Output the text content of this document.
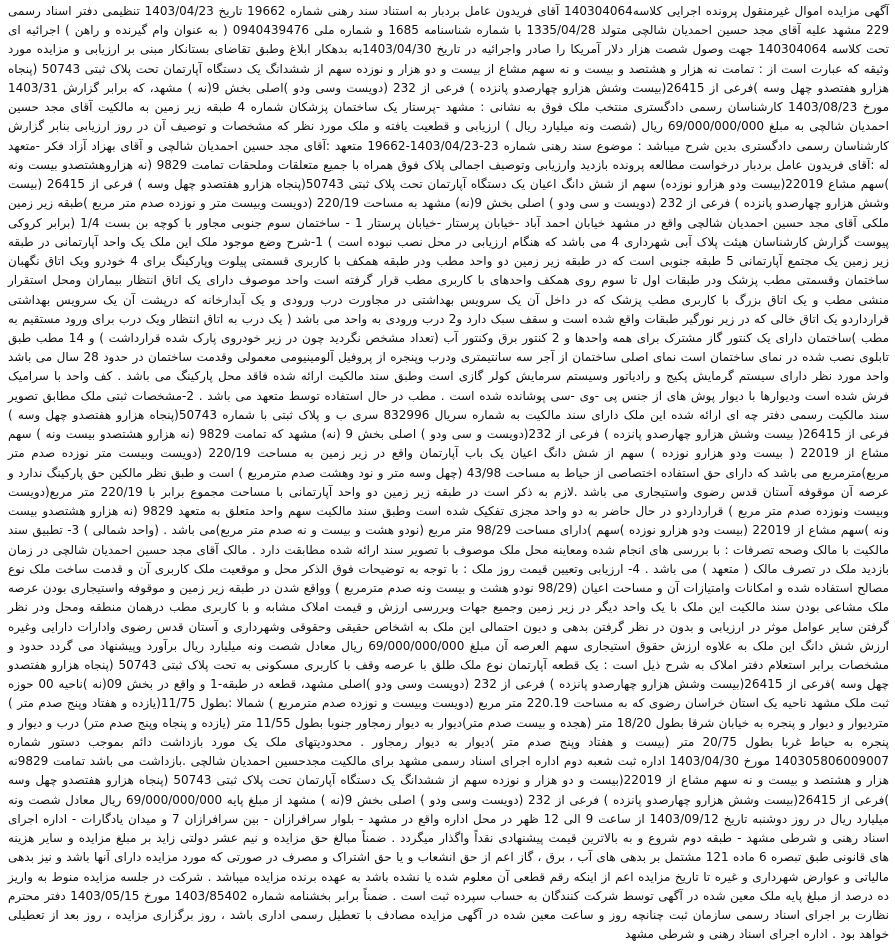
آگهی مزایده اموال غیرمنقول پرونده اجرایی کلاسه140304064 آقای فریدون عامل بردبار به استناد سند رهنی شماره 19662 تاریخ 1403/04/23 تنظیمی دفتر اسناد رسمی 229 مشهد علیه آقای مجد حسین احمدیان شالچی متولد 1335/04/28 با شماره شناسنامه 1685 و شماره ملی 0940439476 ( به عنوان وام گیرنده و راهن ) اجرائیه ای تحت کلاسه 140304064 جهت وصول شصت هزار دلار آمریکا را صادر واجرائیه در تاریخ 1403/04/30به بدهکار ابلاغ وطبق تقاضای بستانکار مبنی بر ارزیابی و مزایده مورد وثیقه که عبارت است از : تمامت نه هزار و هشتصد و بیست و نه سهم مشاع از بیست و دو هزار و نوزده سهم از ششدانگ یک دستگاه آپارتمان تحت پلاک ثبتی 50743 (پنجاه هزارو هفتصدو چهل وسه )فرعی از 26415(بیست وشش هزارو چهارصدو پانزده ) فرعی از 232 (دویست وسی ودو )اصلی بخش 9(نه ) مشهد، که برابر گزارش 1403/31 مورخ 1403/08/23 کارشناسان رسمی دادگستری منتخب ملک فوق به نشانی : مشهد -پرستار یک ساختمان پزشکان شماره 4 طبقه زیر زمین به مالکیت آقای مجد حسین احمدیان شالچی به مبلغ 69/000/000/000 ریال (شصت ونه میلیارد ریال ) ارزیابی و قطعیت یافته و ملک مورد نظر که مشخصات و توصیف آن در روز ارزیابی بنابر گزارش کارشناسان رسمی دادگستری بدین شرح میباشد : موضوع سند رهنی شماره 23-1403/04/23-19662 متعهد :آقای مجد حسین احمدیان شالچی و آقای بهزاد آزاد فکر -متعهد له :آقای فریدون عامل بردبار درخواست مطالعه پرونده بازدید وارزیابی وتوصیف اجمالی پلاک فوق همراه با جمیع متعلقات وملحقات تمامت 9829 (نه هزاروهشتصدو بیست ونه )سهم مشاع 22019(بیست ودو هزارو نوزده) سهم از شش دانگ اعیان یک دستگاه آپارتمان تحت پلاک ثبتی 50743(پنجاه هزارو هفتصدو چهل وسه ) فرعی از 26415 (بیست وشش هزارو چهارصدو پانزده ) فرعی از 232 (دویست و سی ودو ) اصلی بخش 9(نه) مشهد به مساحت 220/19 (دویست وبیست متر و نوزده صدم متر مربع )طبقه زیر زمین ملکی آقای مجد حسین احمدیان شالچی واقع در مشهد خیابان احمد آباد -خیابان پرستار -خیابان پرستار 1 - ساختمان سوم جنوبی مجاور با کوچه بن بست 1/4 (برابر کروکی پیوست گزارش کارشناسان هیئت پلاک آبی شهرداری 4 می باشد که هنگام ارزیابی در محل نصب نبوده است ) 1-شرح وضع موجود ملک این ملک یک واحد آپارتمانی در طبقه زیر زمین یک مجتمع آپارتمانی 5 طبقه جنوبی است که در طبقه زیر زمین دو واحد مطب ودر طبقه همکف با کاربری قسمتی پیلوت وپارکینگ برای 4 خودرو ویک اتاق نگهبان ساختمان وقسمتی مطب پزشک ودر طبقات اول تا سوم روی همکف واحدهای با کاربری مطب قرار گرفته است واحد موصوف دارای یک اتاق انتظار بیماران ومحل استقرار منشی مطب و یک اتاق بزرگ با کاربری مطب پزشک که در داخل آن یک سرویس بهداشتی در مجاورت درب ورودی و یک آبدارخانه که درپشت آن یک سرویس بهداشتی قرارداردو یک اتاق خالی که در زیر نورگیر طبقات واقع شده است و سقف سبک دارد و2 درب ورودی به واحد می باشد ( یک درب به اتاق انتظار ویک درب برای ورود مستقیم به مطب )ساختمان دارای یک کنتور گاز مشترک برای همه واحدها و 2 کنتور برق وکنتور آب (تعداد مشخص نگردید چون در زیر خودروی پارک شده قرارداشت ) و 14 مطب طبق تابلوی نصب شده در نمای ساختمان است نمای اصلی ساختمان از آجر سه سانتیمتری ودرب وپنجره از پروفیل آلومینیومی معمولی وقدمت ساختمان در حدود 28 سال می باشد واحد مورد نظر دارای سیستم گرمایش پکیج و رادیاتور وسیستم سرمایش کولر گازی است وطبق سند مالکیت ارائه شده فاقد محل پارکینگ می باشد . کف واحد با سرامیک فرش شده است ودیوارها با دیوار پوش های از جنس پی -وی -سی پوشانده شده است . مطب در حال استفاده توسط متعهد می باشد . 2-مشخصات ثبتی ملک مطابق تصویر سند مالکیت رسمی دفتر چه ای ارائه شده این ملک دارای سند مالکیت به شماره سریال 832996 سری ب و پلاک ثبتی با شماره 50743(پنجاه هزارو هفتصدو چهل وسه ) فرعی از 26415( بیست وشش هزارو چهارصدو پانزده ) فرعی از 232(دویست و سی ودو ) اصلی بخش 9 (نه) مشهد که تمامت 9829 (نه هزارو هشتصدو بیست ونه ) سهم مشاع از 22019 ( بیست ودو هزارو نوزده ) سهم از شش دانگ اعیان یک باب آپارتمان واقع در زیر زمین به مساحت 220/19 (دویست وبیست متر نوزده صدم متر مربع)مترمربع می باشد که دارای حق استفاده اختصاصی از حیاط به مساحت 43/98 (چهل وسه متر و نود وهشت صدم مترمربع ) است و طبق نظر مالکین حق پارکینگ ندارد و عرصه آن موقوفه آستان قدس رضوی واستیجاری می باشد .لازم به ذکر است در طبقه زیر زمین دو واحد آپارتمانی با مساحت مجموع برابر با 220/19 متر مربع(دویست وبیست ونوزده صدم متر مربع ) قرارداردو در حال حاضر به دو واحد مجزی تفکیک شده است وطبق سند مالکیت سهم واحد متعلق به متعهد 9829 (نه هزارو هشتصدو بیست ونه )سهم مشاع از 22019 (بیست ودو هزارو نوزده )سهم )دارای مساحت 98/29 متر مربع (نودو هشت و بیست و نه صدم متر مربع)می باشد . (واحد شمالی ) 3- تطبیق سند مالکیت با مالک وصحه تصرفات : با بررسی های انجام شده ومعاینه محل ملک موصوف با تصویر سند ارائه شده مطابقت دارد . مالک آقای مجد حسین احمدیان شالچی در زمان بازدید ملک در تصرف مالک ( متعهد ) می باشد . 4- ارزیابی وتعیین قیمت روز ملک : با توجه به توضیحات فوق الذکر محل و موقعیت ملک کاربری آن و قدمت ساخت ملک نوع مصالح استفاده شده و امکانات وامتیازات آن و مساحت اعیان (98/29 نودو هشت و بیست ونه صدم مترمربع ) وواقع شدن در طبقه زیر زمین و موقوفه واستیجاری بودن عرصه ملک مشاعی بودن سند مالکیت این ملک با یک واحد دیگر در زیر زمین وجمیع جهات وبررسی ارزش و قیمت املاک مشابه و با کاربری مطب درهمان منطقه ومحل ودر نظر گرفتن سایر عوامل موثر در ارزیابی و بدون در نظر گرفتن بدهی و دیون احتمالی این ملک به اشخاص حقیقی وحقوقی وشهرداری و آستان قدس رضوی وادارات دارایی وغیره ارزش شش دانگ این ملک به علاوه ارزش حقوق استیجاری سهم العرصه آن مبلغ 69/000/000/000 ریال معادل شصت ونه میلیارد ریال برآورد وپیشنهاد می گردد حدود و مشخصات برابر استعلام دفتر املاک به شرح ذیل است : یک قطعه آپارتمان نوع ملک طلق با عرصه وقف با کاربری مسکونی به تحت پلاک ثبتی 50743 (پنجاه هزارو هفتصدو چهل وسه )فرعی از 26415(بیست وشش هزارو چهارصدو پانزده ) فرعی از 232 (دویست وسی ودو )اصلی مشهد، قطعه در طبقه-1 و واقع در بخش 09(نه )ناحیه 00 حوزه ثبت ملک مشهد ناحیه یک استان خراسان رضوی که به مساحت 220.19 متر مربع (دویست وبیست و نوزده صدم مترمربع ) شمالا :بطول 11/75(یازده و هفتاد وپنج صدم متر ) متردیوار و دیوار و پنجره به خیابان شرقا بطول 18/20 متر (هجده و بیست صدم متر)دیوار به دیوار رمجاور جنوبا بطول 11/55 متر (یازده و پنجاه وپنج صدم متر) درب و دیوار و پنجره به حیاط غربا بطول 20/75 متر (بیست و هفتاد وپنج صدم متر )دیوار به دیوار رمجاور . محدودیتهای ملک یک مورد بازداشت دائم بموجب دستور شماره 140305806009007 مورخ 1403/04/30 اداره ثبت شعبه دوم اداره اجرای اسناد رسمی مشهد برای مالکیت مجدحسین احمدیان شالچی .بازداشت می باشد تمامت 9829نه هزار و هشتصد و بیست و نه سهم مشاع از 22019(بیست و دو هزار و نوزده سهم از ششدانگ یک دستگاه آپارتمان تحت پلاک ثبتی 50743 (پنجاه هزارو هفتصدو چهل وسه )فرعی از 26415(بیست وشش هزارو چهارصدو پانزده ) فرعی از 232 (دویست وسی ودو ) اصلی بخش 9(نه ) مشهد از مبلغ پایه 69/000/000/000 ریال معادل شصت ونه میلیارد ریال در روز دوشنبه تاریخ 1403/09/12 از ساعت 9 الی 12 ظهر در محل اداره واقع در مشهد - بلوار سرافرازان - بین سرافرازان 7 و میدان یادگارات - اداره اجرای اسناد رهنی و شرطی مشهد - طبقه دوم شروع و به بالاترین قیمت پیشنهادی نقداً واگذار میگردد . ضمناً مبالغ حق مزایده و نیم عشر دولتی زاید بر مبلغ مزایده و سایر هزینه های قانونی طبق تبصره 6 ماده 121 مشتمل بر بدهی های آب ، برق ، گاز اعم از حق انشعاب و یا حق اشتراک و مصرف در صورتی که مورد مزایده دارای آنها باشد و نیز بدهی مالیاتی و عوارض شهرداری و غیره تا تاریخ مزایده اعم از اینکه رقم قطعی آن معلوم شده یا نشده باشد به عهده برنده مزایده میباشد . شرکت در جلسه مزایده منوط به واریز ده درصد از مبلغ پایه ملک معین شده در آگهی توسط شرکت کنندگان به حساب سپرده ثبت است . ضمناً برابر بخشنامه شماره 1403/85402 مورخ 1403/05/15 دفتر محترم نظارت بر اجرای اسناد رسمی سازمان ثبت چنانچه روز و ساعت معین شده در آگهی مزایده مصادف با تعطیل رسمی اداری باشد ، روز برگزاری مزایده ، روز بعد از تعطیلی خواهد بود . اداره اجرای اسناد رهنی و شرطی مشهد
